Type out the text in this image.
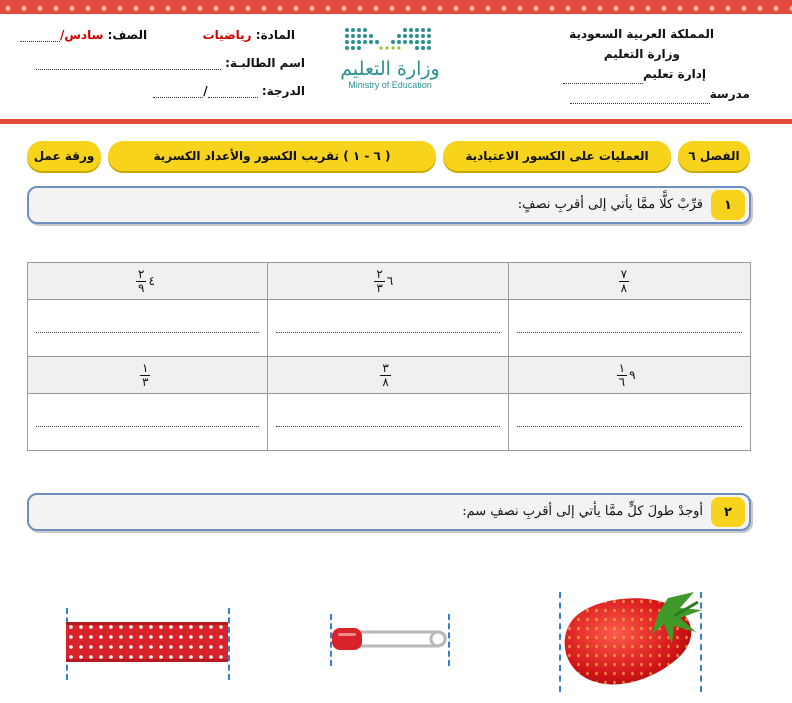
المملكة العربية السعودية
وزارة التعليم
إدارة تعليم
مدرسة
وزارة التعليم
Ministry of Education
المادة: رياضيات
الصف: سادس/
اسم الطالبـة:
الدرجة: /
الفصل ٦
العمليات على الكسور الاعتيادية
( ٦ - ١ ) تقريب الكسور والأعداد الكسرية
ورقة عمل
١
قرِّبْ كلًّا ممَّا يأتي إلى أقربِ نصفٍ:
$\frac{٢}{٩}$ ٤	$\frac{٢}{٣}$ ٦	$\frac{٧}{٨}$

$\frac{١}{٣}$	$\frac{٣}{٨}$	$\frac{١}{٦}$ ٩

٢
أوجدْ طولَ كلٍّ ممَّا يأتي إلى أقربِ نصفِ سم:
